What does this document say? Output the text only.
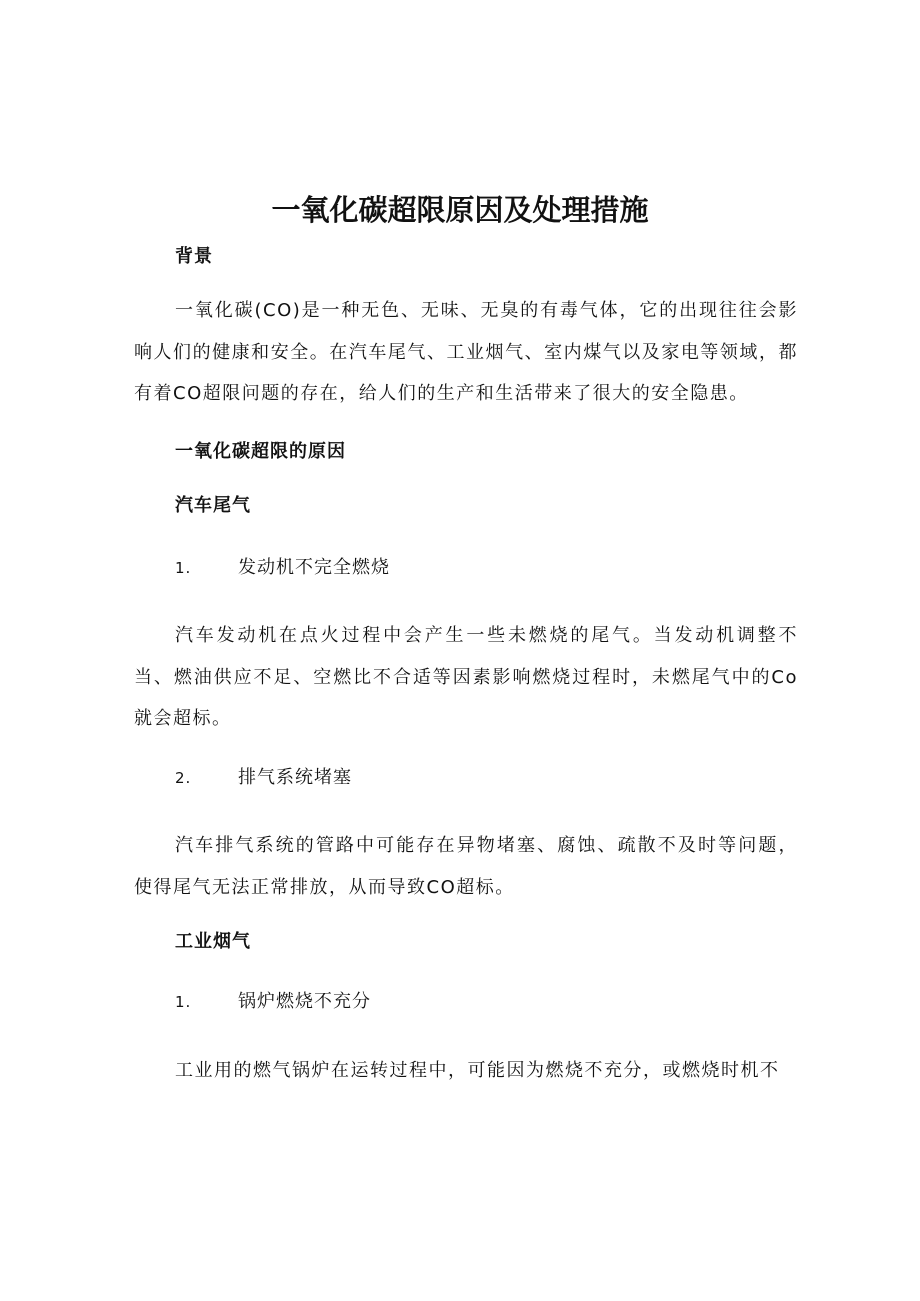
一氧化碳超限原因及处理措施
背景
一氧化碳(CO)是一种无色、无味、无臭的有毒气体，它的出现往往会影响人们的健康和安全。在汽车尾气、工业烟气、室内煤气以及家电等领域，都有着CO超限问题的存在，给人们的生产和生活带来了很大的安全隐患。
一氧化碳超限的原因
汽车尾气
1.	发动机不完全燃烧
汽车发动机在点火过程中会产生一些未燃烧的尾气。当发动机调整不当、燃油供应不足、空燃比不合适等因素影响燃烧过程时，未燃尾气中的Co就会超标。
2.	排气系统堵塞
汽车排气系统的管路中可能存在异物堵塞、腐蚀、疏散不及时等问题，使得尾气无法正常排放，从而导致CO超标。
工业烟气
1.	锅炉燃烧不充分
工业用的燃气锅炉在运转过程中，可能因为燃烧不充分，或燃烧时机不
